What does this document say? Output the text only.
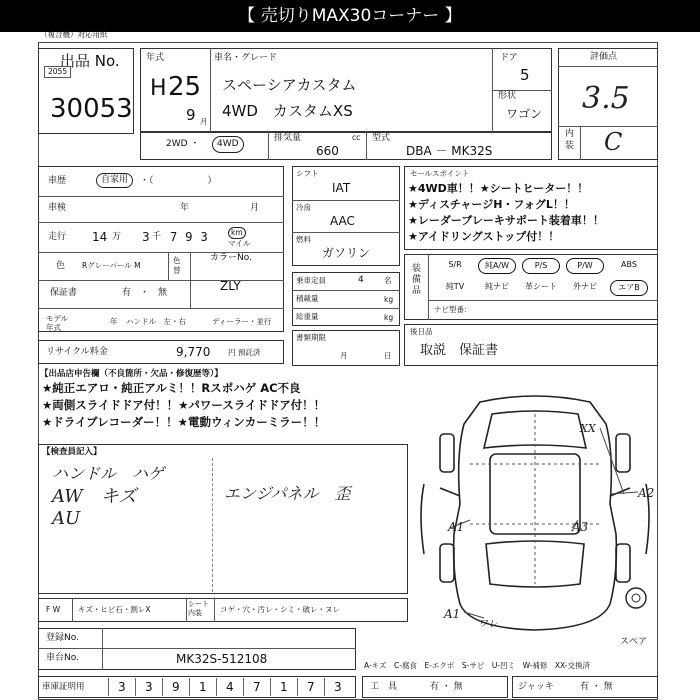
【 売切りMAX30コーナー 】
（複合機）対応用紙
出品 No.
2055
30053
年式
H 25
9 月
車名・グレード
スペーシアカスタム
4WD　カスタムXS
ドア
5
形状
ワゴン
評価点
3.5
内装 C
2WD ・	4WD
排気量	cc
660
型式
DBA － MK32S
車歴	自家用	・（　　　　　　）
車検	年	月
走行 14 万 3 千 793	km
マイル
色 Rグレーパール M
色替
カラーNo.
ZLY
保証書	有　・　無
モデル年式
年 ハンドル　左・右	ディーラー・並行
リサイクル料金	9,770 円 預託済
シフト
IAT
冷房
AAC
燃料
ガソリン
乗車定員	4	名
積載量	kg
総重量	kg
書類期限
月	日
セールスポイント
★4WD車！！★シートヒーター！！
★ディスチャージH・フォグL！！
★レーダーブレーキサポート装着車！！
★アイドリングストップ付！！
装備品
S/R	純A/W	P/S	P/W	ABS
純TV	純ナビ	革シート	外ナビ	エアB
ナビ型番：
後日品
取説　保証書
【出品店申告欄（不良箇所・欠品・修復歴等）】
★純正エアロ・純正アルミ！！Rスポハゲ AC不良
★両側スライドドア付！！★パワースライドドア付！！
★ドライブレコーダー！！★電動ウィンカーミラー！！
【検査員記入】
ハンドル　ハゲ
AW　キズ
AU
エンジパネル　歪
XX
A2
A1	A3
A1
ワレ
スペア
F W キズ・ヒビ石・割レX
シート内装	コゲ・穴・汚レ・シミ・破レ・ヌレ
登録No.
車台No.	MK32S-512108	A-キズ　C-腐食　E-エクボ　S-サビ　U-凹ミ　W-補修　XX-交換済
車庫証明用	3 3 9 1 4 7 1 7 3	工　具	有 ・ 無	ジャッキ	有 ・ 無
